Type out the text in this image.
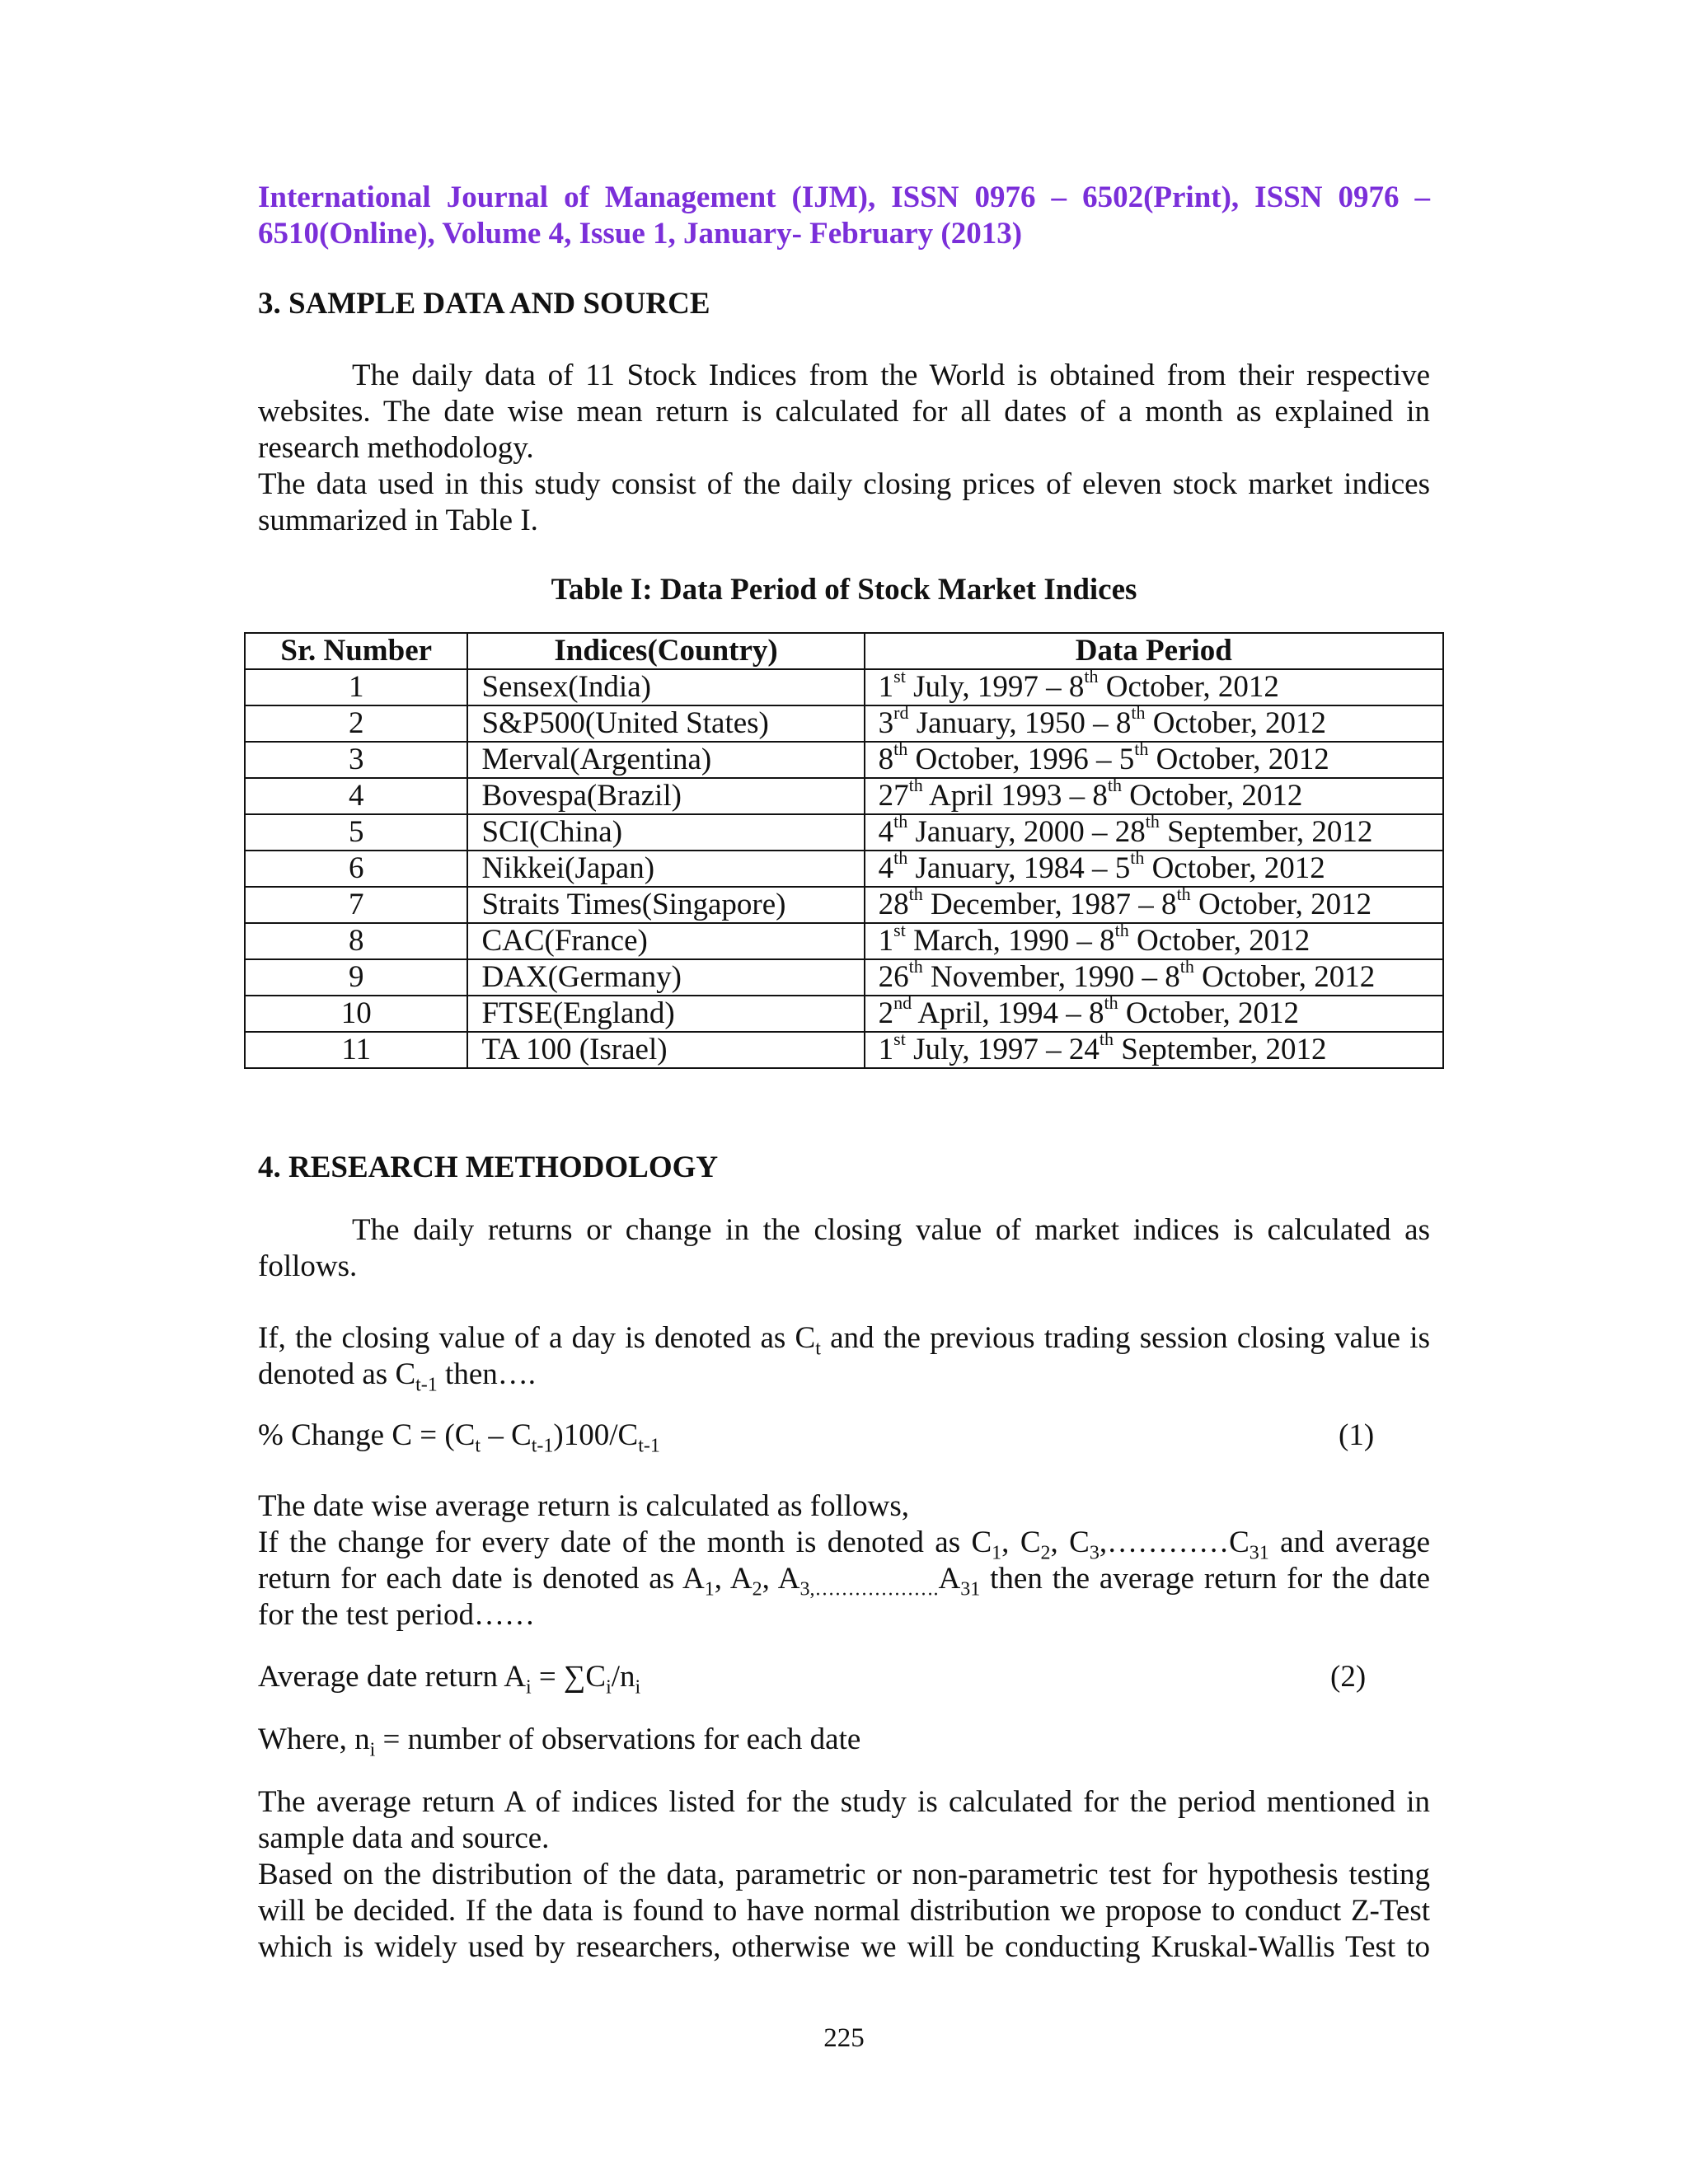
International Journal of Management (IJM), ISSN 0976 – 6502(Print), ISSN 0976 –
6510(Online), Volume 4, Issue 1, January- February (2013)
3. SAMPLE DATA AND SOURCE
The daily data of 11 Stock Indices from the World is obtained from their respective
websites. The date wise mean return is calculated for all dates of a month as explained in
research methodology.
The data used in this study consist of the daily closing prices of eleven stock market indices
summarized in Table I.
Table I: Data Period of Stock Market Indices
Sr. Number	Indices(Country)	Data Period
1	Sensex(India)	1st July, 1997 – 8th October, 2012
2	S&P500(United States)	3rd January, 1950 – 8th October, 2012
3	Merval(Argentina)	8th October, 1996 – 5th October, 2012
4	Bovespa(Brazil)	27th April 1993 – 8th October, 2012
5	SCI(China)	4th January, 2000 – 28th September, 2012
6	Nikkei(Japan)	4th January, 1984 – 5th October, 2012
7	Straits Times(Singapore)	28th December, 1987 – 8th October, 2012
8	CAC(France)	1st March, 1990 – 8th October, 2012
9	DAX(Germany)	26th November, 1990 – 8th October, 2012
10	FTSE(England)	2nd April, 1994 – 8th October, 2012
11	TA 100 (Israel)	1st July, 1997 – 24th September, 2012
4. RESEARCH METHODOLOGY
The daily returns or change in the closing value of market indices is calculated as
follows.
If, the closing value of a day is denoted as $C_t$ and the previous trading session closing value is
denoted as $C_{t-1}$ then….
% Change $C = (C_t - C_{t-1})100/C_{t-1}$	(1)
The date wise average return is calculated as follows,
If the change for every date of the month is denoted as $C_1$, $C_2$, $C_3,\dots\dots\dots\dots C_{31}$ and average
return for each date is denoted as $A_1$, $A_2$, $A_{3,\dots\dots\dots\dots\dots\dots.}A_{31}$ then the average return for the date
for the test period……
Average date return $A_i = \sum C_i/n_i$	(2)
Where, $n_i$ = number of observations for each date
The average return A of indices listed for the study is calculated for the period mentioned in
sample data and source.
Based on the distribution of the data, parametric or non-parametric test for hypothesis testing
will be decided. If the data is found to have normal distribution we propose to conduct Z-Test
which is widely used by researchers, otherwise we will be conducting Kruskal-Wallis Test to
225
